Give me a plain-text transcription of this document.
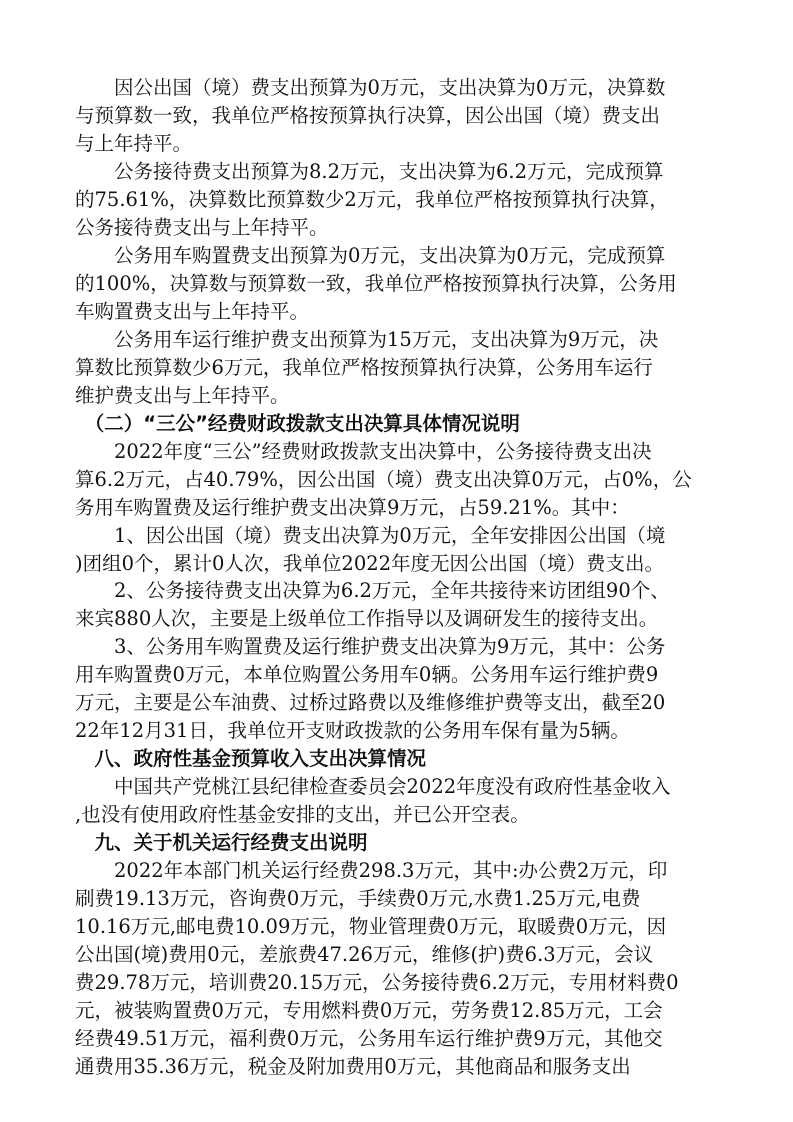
　　因公出国（境）费支出预算为0万元，支出决算为0万元，决算数
与预算数一致，我单位严格按预算执行决算，因公出国（境）费支出
与上年持平。
　　公务接待费支出预算为8.2万元，支出决算为6.2万元，完成预算
的75.61%，决算数比预算数少2万元，我单位严格按预算执行决算，
公务接待费支出与上年持平。
　　公务用车购置费支出预算为0万元，支出决算为0万元，完成预算
的100%，决算数与预算数一致，我单位严格按预算执行决算，公务用
车购置费支出与上年持平。
　　公务用车运行维护费支出预算为15万元，支出决算为9万元，决
算数比预算数少6万元，我单位严格按预算执行决算，公务用车运行
维护费支出与上年持平。
　（二）“三公”经费财政拨款支出决算具体情况说明
　　2022年度“三公”经费财政拨款支出决算中，公务接待费支出决
算6.2万元，占40.79%，因公出国（境）费支出决算0万元，占0%，公
务用车购置费及运行维护费支出决算9万元，占59.21%。其中：
　　1、因公出国（境）费支出决算为0万元，全年安排因公出国（境
)团组0个，累计0人次，我单位2022年度无因公出国（境）费支出。
　　2、公务接待费支出决算为6.2万元，全年共接待来访团组90个、
来宾880人次，主要是上级单位工作指导以及调研发生的接待支出。
　　3、公务用车购置费及运行维护费支出决算为9万元，其中：公务
用车购置费0万元，本单位购置公务用车0辆。公务用车运行维护费9
万元，主要是公车油费、过桥过路费以及维修维护费等支出，截至20
22年12月31日，我单位开支财政拨款的公务用车保有量为5辆。
　八、政府性基金预算收入支出决算情况
　　中国共产党桃江县纪律检查委员会2022年度没有政府性基金收入
,也没有使用政府性基金安排的支出，并已公开空表。
　九、关于机关运行经费支出说明
　　2022年本部门机关运行经费298.3万元，其中:办公费2万元，印
刷费19.13万元，咨询费0万元，手续费0万元,水费1.25万元,电费
10.16万元,邮电费10.09万元，物业管理费0万元，取暖费0万元，因
公出国(境)费用0元，差旅费47.26万元，维修(护)费6.3万元，会议
费29.78万元，培训费20.15万元，公务接待费6.2万元，专用材料费0
元，被装购置费0万元，专用燃料费0万元，劳务费12.85万元，工会
经费49.51万元，福利费0万元，公务用车运行维护费9万元，其他交
通费用35.36万元，税金及附加费用0万元，其他商品和服务支出
